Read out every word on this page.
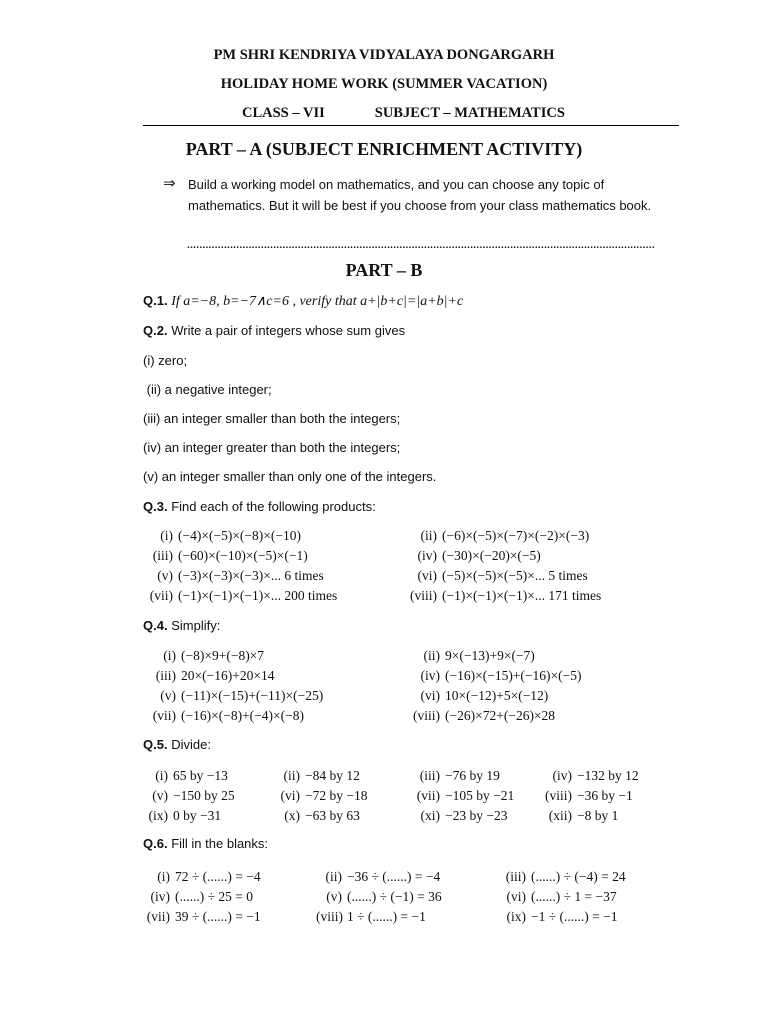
PM SHRI KENDRIYA VIDYALAYA DONGARGARH
HOLIDAY HOME WORK (SUMMER VACATION)
CLASS – VII	SUBJECT – MATHEMATICS
PART – A (SUBJECT ENRICHMENT ACTIVITY)
⇒ Build a working model on mathematics, and you can choose any topic of mathematics. But it will be best if you choose from your class mathematics book.
........................................................................................................................................................
PART – B
Q.1. If a=−8, b=−7∧c=6 , verify that a+|b+c|=|a+b|+c
Q.2. Write a pair of integers whose sum gives
(i) zero;
(ii) a negative integer;
(iii) an integer smaller than both the integers;
(iv) an integer greater than both the integers;
(v) an integer smaller than only one of the integers.
Q.3. Find each of the following products:
(i) (−4)×(−5)×(−8)×(−10)	(ii) (−6)×(−5)×(−7)×(−2)×(−3)
(iii) (−60)×(−10)×(−5)×(−1)	(iv) (−30)×(−20)×(−5)
(v) (−3)×(−3)×(−3)×... 6 times	(vi) (−5)×(−5)×(−5)×... 5 times
(vii) (−1)×(−1)×(−1)×... 200 times	(viii) (−1)×(−1)×(−1)×... 171 times
Q.4. Simplify:
(i) (−8)×9+(−8)×7	(ii) 9×(−13)+9×(−7)
(iii) 20×(−16)+20×14	(iv) (−16)×(−15)+(−16)×(−5)
(v) (−11)×(−15)+(−11)×(−25)	(vi) 10×(−12)+5×(−12)
(vii) (−16)×(−8)+(−4)×(−8)	(viii) (−26)×72+(−26)×28
Q.5. Divide:
(i) 65 by −13	(ii) −84 by 12	(iii) −76 by 19	(iv) −132 by 12
(v) −150 by 25	(vi) −72 by −18	(vii) −105 by −21	(viii) −36 by −1
(ix) 0 by −31	(x) −63 by 63	(xi) −23 by −23	(xii) −8 by 1
Q.6. Fill in the blanks:
(i) 72 ÷ (......) = −4	(ii) −36 ÷ (......) = −4	(iii) (......) ÷ (−4) = 24
(iv) (......) ÷ 25 = 0	(v) (......) ÷ (−1) = 36	(vi) (......) ÷ 1 = −37
(vii) 39 ÷ (......) = −1	(viii) 1 ÷ (......) = −1	(ix) −1 ÷ (......) = −1
